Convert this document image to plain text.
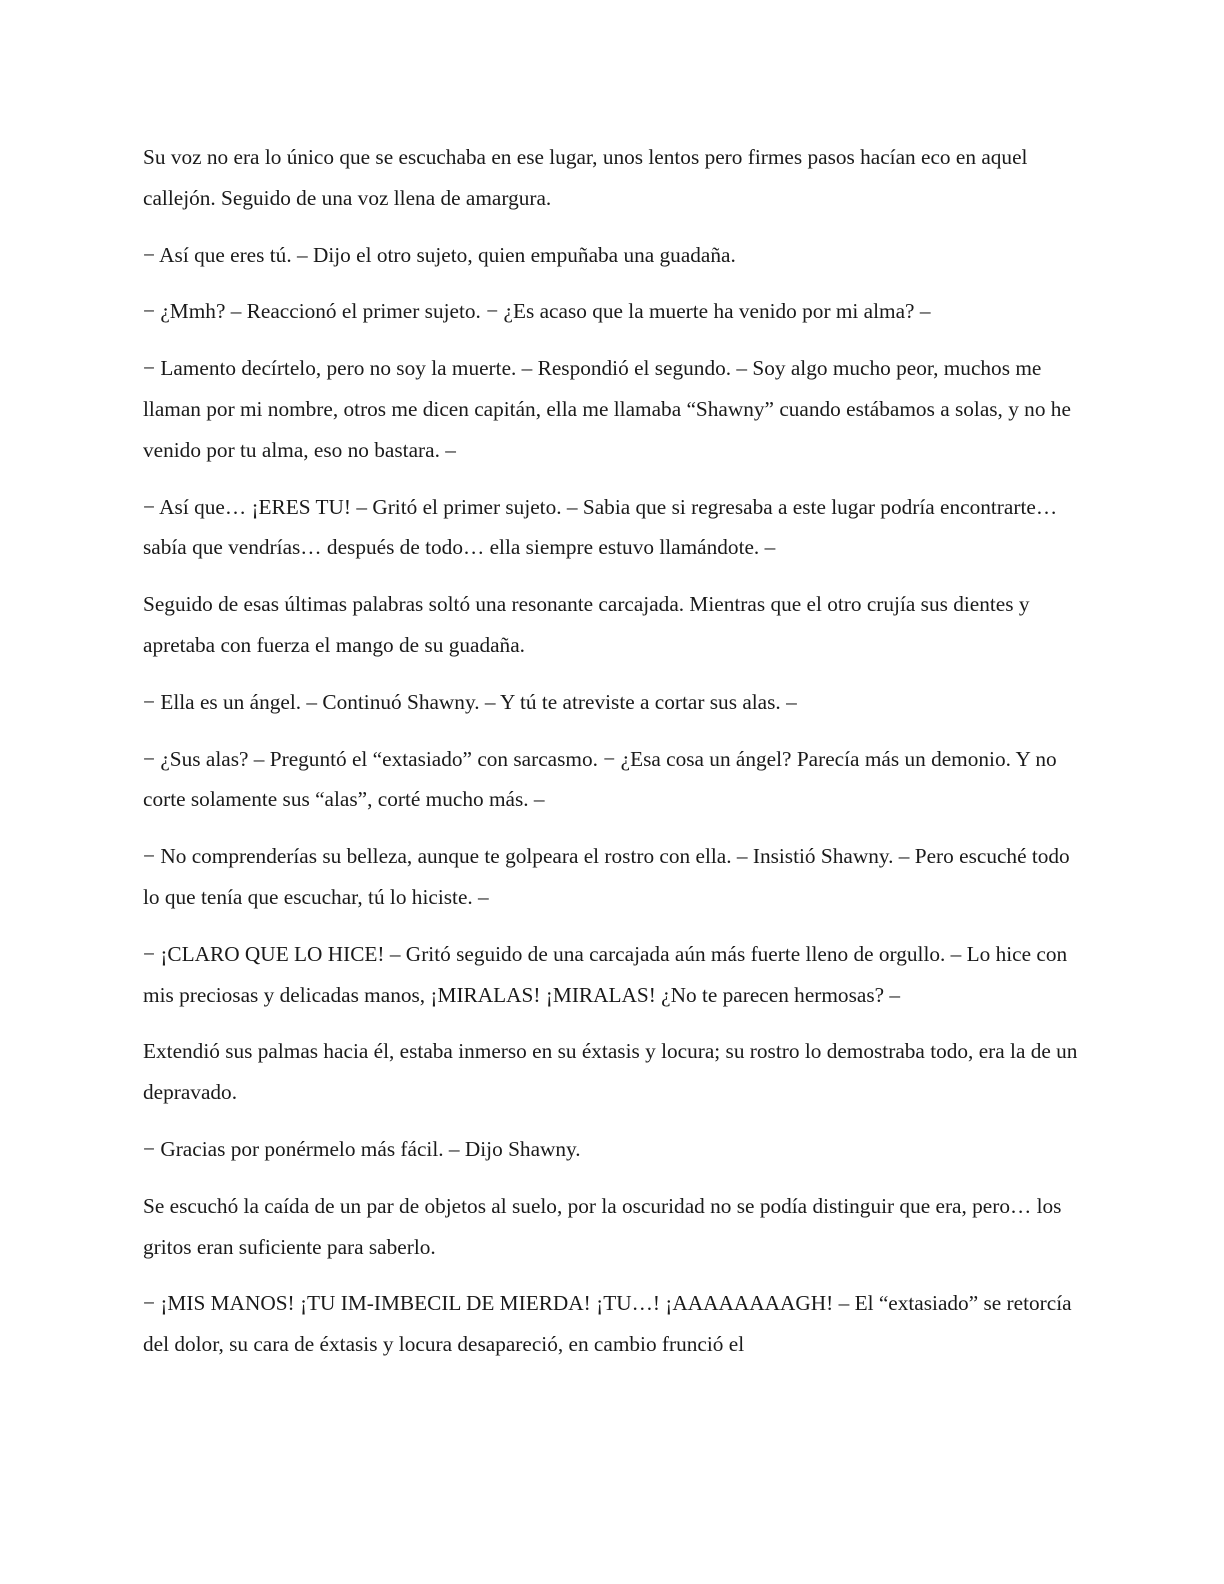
Su voz no era lo único que se escuchaba en ese lugar, unos lentos pero firmes pasos hacían eco en aquel callejón. Seguido de una voz llena de amargura.

− Así que eres tú. – Dijo el otro sujeto, quien empuñaba una guadaña.

− ¿Mmh? – Reaccionó el primer sujeto. − ¿Es acaso que la muerte ha venido por mi alma? –

− Lamento decírtelo, pero no soy la muerte. – Respondió el segundo. – Soy algo mucho peor, muchos me llaman por mi nombre, otros me dicen capitán, ella me llamaba “Shawny” cuando estábamos a solas, y no he venido por tu alma, eso no bastara. –

− Así que… ¡ERES TU! – Gritó el primer sujeto. – Sabia que si regresaba a este lugar podría encontrarte… sabía que vendrías… después de todo… ella siempre estuvo llamándote. –

Seguido de esas últimas palabras soltó una resonante carcajada. Mientras que el otro crujía sus dientes y apretaba con fuerza el mango de su guadaña.

− Ella es un ángel. – Continuó Shawny. – Y tú te atreviste a cortar sus alas. –

− ¿Sus alas? – Preguntó el “extasiado” con sarcasmo. − ¿Esa cosa un ángel? Parecía más un demonio. Y no corte solamente sus “alas”, corté mucho más. –

− No comprenderías su belleza, aunque te golpeara el rostro con ella. – Insistió Shawny. – Pero escuché todo lo que tenía que escuchar, tú lo hiciste. –

− ¡CLARO QUE LO HICE! – Gritó seguido de una carcajada aún más fuerte lleno de orgullo. – Lo hice con mis preciosas y delicadas manos, ¡MIRALAS! ¡MIRALAS! ¿No te parecen hermosas? –

Extendió sus palmas hacia él, estaba inmerso en su éxtasis y locura; su rostro lo demostraba todo, era la de un depravado.

− Gracias por ponérmelo más fácil. – Dijo Shawny.

Se escuchó la caída de un par de objetos al suelo, por la oscuridad no se podía distinguir que era, pero… los gritos eran suficiente para saberlo.

− ¡MIS MANOS! ¡TU IM-IMBECIL DE MIERDA! ¡TU…! ¡AAAAAAAAGH! – El “extasiado” se retorcía del dolor, su cara de éxtasis y locura desapareció, en cambio frunció el
